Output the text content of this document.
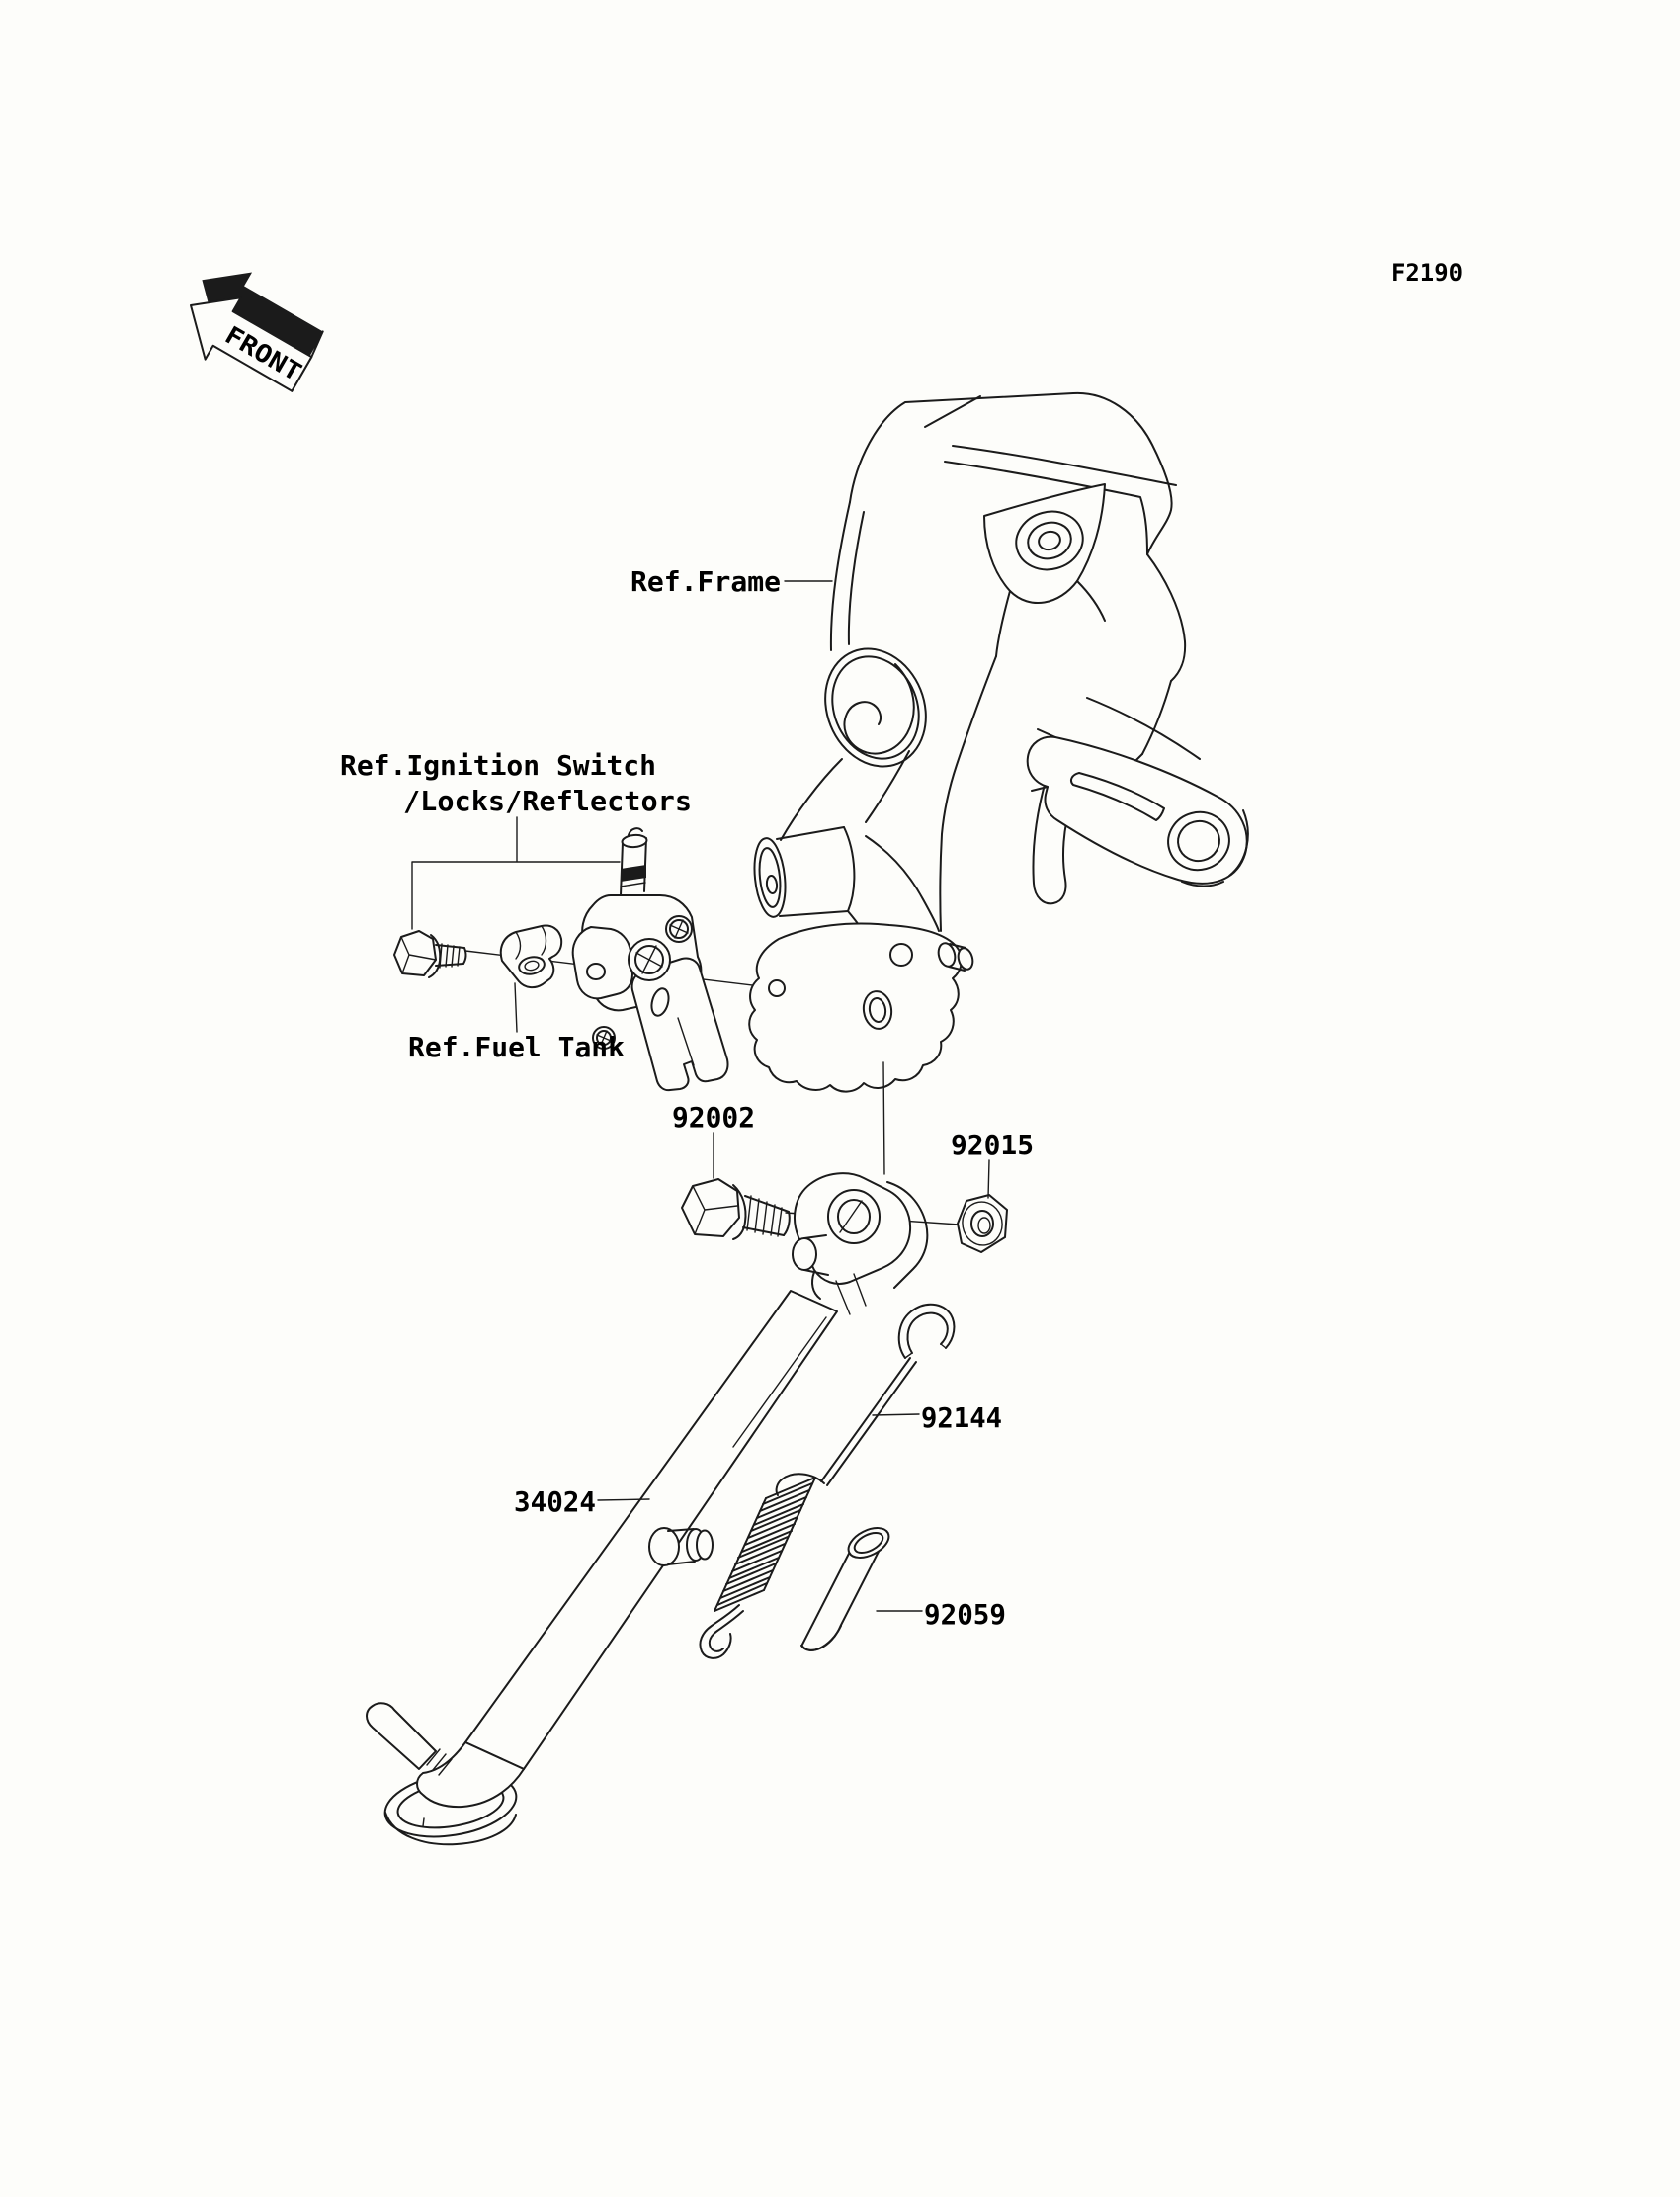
FRONT
F2190
Ref.Frame
Ref.Ignition Switch
/Locks/Reflectors
Ref.Fuel Tank
92002
92015
92144
34024
92059
